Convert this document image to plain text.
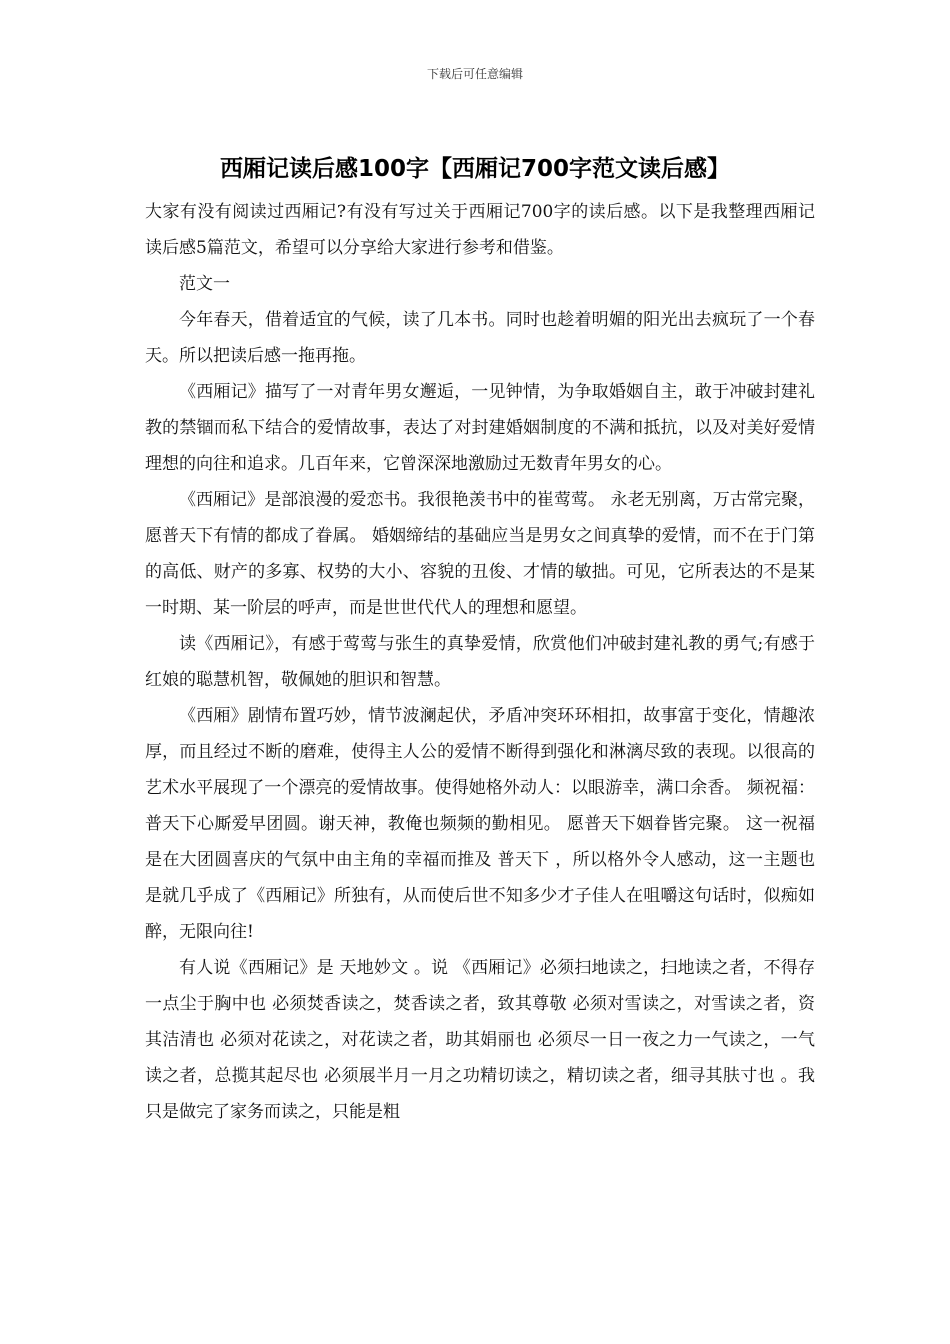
下载后可任意编辑
西厢记读后感100字【西厢记700字范文读后感】

大家有没有阅读过西厢记?有没有写过关于西厢记700字的读后感。以下是我整理西厢记读后感5篇范文，希望可以分享给大家进行参考和借鉴。

范文一

今年春天，借着适宜的气候，读了几本书。同时也趁着明媚的阳光出去疯玩了一个春天。所以把读后感一拖再拖。

《西厢记》描写了一对青年男女邂逅，一见钟情，为争取婚姻自主，敢于冲破封建礼教的禁锢而私下结合的爱情故事，表达了对封建婚姻制度的不满和抵抗，以及对美好爱情理想的向往和追求。几百年来，它曾深深地激励过无数青年男女的心。

《西厢记》是部浪漫的爱恋书。我很艳羡书中的崔莺莺。 永老无别离，万古常完聚，愿普天下有情的都成了眷属。 婚姻缔结的基础应当是男女之间真挚的爱情，而不在于门第的高低、财产的多寡、权势的大小、容貌的丑俊、才情的敏拙。可见，它所表达的不是某一时期、某一阶层的呼声，而是世世代代人的理想和愿望。

读《西厢记》，有感于莺莺与张生的真挚爱情，欣赏他们冲破封建礼教的勇气;有感于红娘的聪慧机智，敬佩她的胆识和智慧。

《西厢》剧情布置巧妙，情节波澜起伏，矛盾冲突环环相扣，故事富于变化，情趣浓厚，而且经过不断的磨难，使得主人公的爱情不断得到强化和淋漓尽致的表现。以很高的艺术水平展现了一个漂亮的爱情故事。使得她格外动人：以眼游幸，满口余香。 频祝福：普天下心厮爱早团圆。谢天神，教俺也频频的勤相见。 愿普天下姻眷皆完聚。 这一祝福是在大团圆喜庆的气氛中由主角的幸福而推及 普天下 ，所以格外令人感动，这一主题也是就几乎成了《西厢记》所独有，从而使后世不知多少才子佳人在咀嚼这句话时，似痴如醉，无限向往!

有人说《西厢记》是 天地妙文 。说 《西厢记》必须扫地读之，扫地读之者，不得存一点尘于胸中也 必须焚香读之，焚香读之者，致其尊敬 必须对雪读之，对雪读之者，资其洁清也 必须对花读之，对花读之者，助其娟丽也 必须尽一日一夜之力一气读之，一气读之者，总揽其起尽也 必须展半月一月之功精切读之，精切读之者，细寻其肤寸也 。我只是做完了家务而读之，只能是粗
